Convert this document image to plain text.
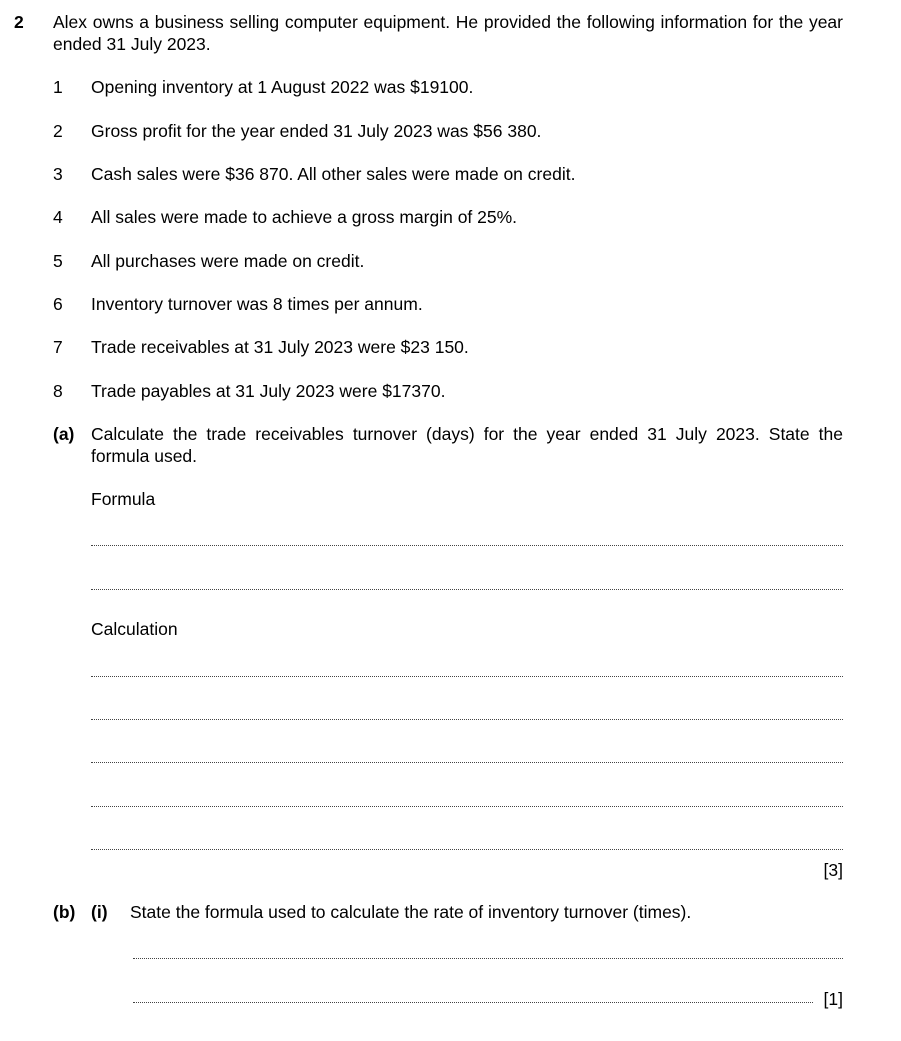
2 Alex owns a business selling computer equipment. He provided the following information for the year ended 31 July 2023.
1 Opening inventory at 1 August 2022 was $19100.
2 Gross profit for the year ended 31 July 2023 was $56 380.
3 Cash sales were $36 870. All other sales were made on credit.
4 All sales were made to achieve a gross margin of 25%.
5 All purchases were made on credit.
6 Inventory turnover was 8 times per annum.
7 Trade receivables at 31 July 2023 were $23 150.
8 Trade payables at 31 July 2023 were $17370.
(a) Calculate the trade receivables turnover (days) for the year ended 31 July 2023. State the formula used.
Formula
Calculation
[3]
(b) (i) State the formula used to calculate the rate of inventory turnover (times).
[1]
